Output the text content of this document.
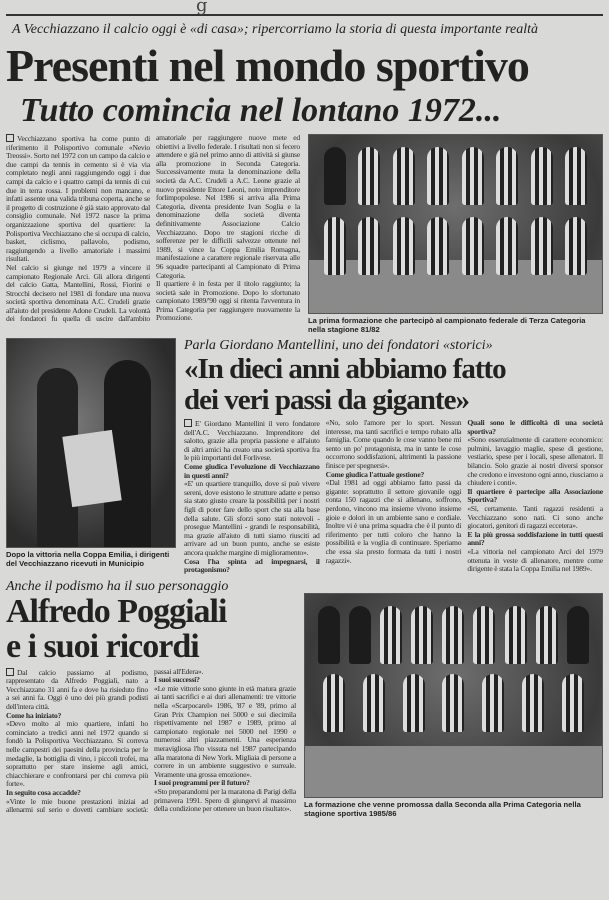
g
A Vecchiazzano il calcio oggi è «di casa»; ripercorriamo la storia di questa importante realtà
Presenti nel mondo sportivo
Tutto comincia nel lontano 1972...

Vecchiazzano sportiva ha come punto di riferimento il Polisportivo comunale «Nevio Treossi». Sorto nel 1972 con un campo da calcio e due campi da tennis in cemento si è via via completato negli anni raggiungendo oggi i due campi da calcio e i quattro campi da tennis di cui due in terra rossa. I problemi non mancano, e infatti assente una valida tribuna coperta, anche se il progetto di costruzione è già stato approvato dal consiglio comunale. Nel 1972 nasce la prima organizzazione sportiva del quartiere: la Polisportiva Vecchiazzano che si occupa di calcio, basket, ciclismo, pallavolo, podismo, raggiungendo a livello amatoriale i massimi risultati.

Nel calcio si giunge nel 1979 a vincere il campionato Regionale Arci. Gli allora dirigenti del calcio Gatta, Mantellini, Rossi, Fiorini e Strocchi decisero nel 1981 di fondare una nuova società sportiva denominata A.C. Crudeli grazie all'aiuto del presidente Adone Crudeli. La volontà dei fondatori fu quella di uscire dall'ambito amatoriale per raggiungere nuove mete ed obiettivi a livello federale. I risultati non si fecero attendere e già nel primo anno di attività si giunse alla promozione in Seconda Categoria. Successivamente muta la denominazione della società da A.C. Crudeli a A.C. Leone grazie al nuovo presidente Ettore Leoni, noto imprenditore forlimpopolese. Nel 1986 si arriva alla Prima Categoria, diventa presidente Ivan Soglia e la denominazione della società diventa definitivamente Associazione Calcio Vecchiazzano. Dopo tre stagioni ricche di sofferenze per le difficili salvezze ottenute nel 1989, si vince la Coppa Emilia Romagna, manifestazione a carattere regionale riservata alle 96 squadre partecipanti al Campionato di Prima Categoria.

Il quartiere è in festa per il titolo raggiunto; la società sale in Promozione. Dopo lo sfortunato campionato 1989/'90 oggi si ritenta l'avventura in Prima Categoria per raggiungere nuovamente la Promozione.	La prima formazione che partecipò al campionato federale di Terza Categoria nella stagione 81/82
Dopo la vittoria nella Coppa Emilia, i dirigenti del Vecchiazzano ricevuti in Municipio
Parla Giordano Mantellini, uno dei fondatori «storici»
«In dieci anni abbiamo fatto
dei veri passi da gigante»

E' Giordano Mantellini il vero fondatore dell'A.C. Vecchiazzano. Imprenditore del salotto, grazie alla propria passione e all'aiuto di altri amici ha creato una società sportiva fra le più importanti del Forlivese.

Come giudica l'evoluzione di Vecchiazzano in questi anni?

«E' un quartiere tranquillo, dove si può vivere sereni, dove esistono le strutture adatte e penso sia stato giusto creare la possibilità per i nostri figli di poter fare dello sport che sta alla base della salute. Gli sforzi sono stati notevoli - prosegue Mantellini - grandi le responsabilità, ma grazie all'aiuto di tutti siamo riusciti ad arrivare ad un buon punto, anche se esiste ancora qualche margine di miglioramento».

Cosa l'ha spinta ad impegnarsi, il protagonismo?

«No, solo l'amore per lo sport. Nessun interesse, ma tanti sacrifici e tempo rubato alla famiglia. Come quando le cose vanno bene mi sento un po' protagonista, ma in tante le cose occorrono soddisfazioni, altrimenti la passione finisce per spegnersi».

Come giudica l'attuale gestione?

«Dal 1981 ad oggi abbiamo fatto passi da gigante: soprattutto il settore giovanile oggi conta 150 ragazzi che si allenano, soffrono, perdono, vincono ma insieme vivono insieme gioie e dolori in un ambiente sano e cordiale. Inoltre vi è una prima squadra che è il punto di riferimento per tutti coloro che hanno la possibilità e la voglia di continuare. Speriamo che essa sia presto formata da tutti i nostri ragazzi».

Quali sono le difficoltà di una società sportiva?

«Sono essenzialmente di carattere economico: pulmini, lavaggio maglie, spese di gestione, vestiario, spese per i locali, spese allenatori. Il bilancio. Solo grazie ai nostri diversi sponsor che credono e investono ogni anno, riusciamo a chiudere i conti».

Il quartiere è partecipe alla Associazione Sportiva?

«Sì, certamente. Tanti ragazzi residenti a Vecchiazzano sono nati. Ci sono anche giocatori, genitori di ragazzi eccetera».

E la più grossa soddisfazione in tutti questi anni?

«La vittoria nel campionato Arci del 1979 ottenuta in veste di allenatore, mentre come dirigente è stata la Coppa Emilia nel 1989».

Anche il podismo ha il suo personaggio
Alfredo Poggiali
e i suoi ricordi

Dal calcio passiamo al podismo, rappresentato da Alfredo Poggiali, nato a Vecchiazzano 31 anni fa e dove ha risieduto fino a sei anni fa. Oggi è uno dei più grandi podisti dell'intera città.

Come ha iniziato?

«Devo molto al mio quartiere, infatti ho cominciato a tredici anni nel 1972 quando si fondò la Polisportiva Vecchiazzano. Si correva nelle campestri dei paesini della provincia per le medaglie, la bottiglia di vino, i piccoli trofei, ma soprattutto per stare insieme agli amici, chiacchierare e confrontarsi per chi correva più forte».

In seguito cosa accadde?

«Vinte le mie buone prestazioni iniziai ad allenarmi sul serio e dovetti cambiare società: passai all'Edera».

I suoi successi?

«Le mie vittorie sono giunte in età matura grazie ai tanti sacrifici e ai duri allenamenti: tre vittorie nella «Scarpocarel» 1986, '87 e '89, primo al Gran Prix Champion nei 5000 e sui diecimila rispettivamente nel 1987 e 1989, primo al campionato regionale nei 5000 nel 1990 e numerosi altri piazzamenti. Una esperienza meravigliosa l'ho vissuta nel 1987 partecipando alla maratona di New York. Migliaia di persone a correre in un ambiente suggestivo e surreale. Veramente una grossa emozione».

I suoi programmi per il futuro?

«Sto preparandomi per la maratona di Parigi della primavera 1991. Spero di giungervi al massimo della condizione per ottenere un buon risultato».	La formazione che venne promossa dalla Seconda alla Prima Categoria nella stagione sportiva 1985/86
